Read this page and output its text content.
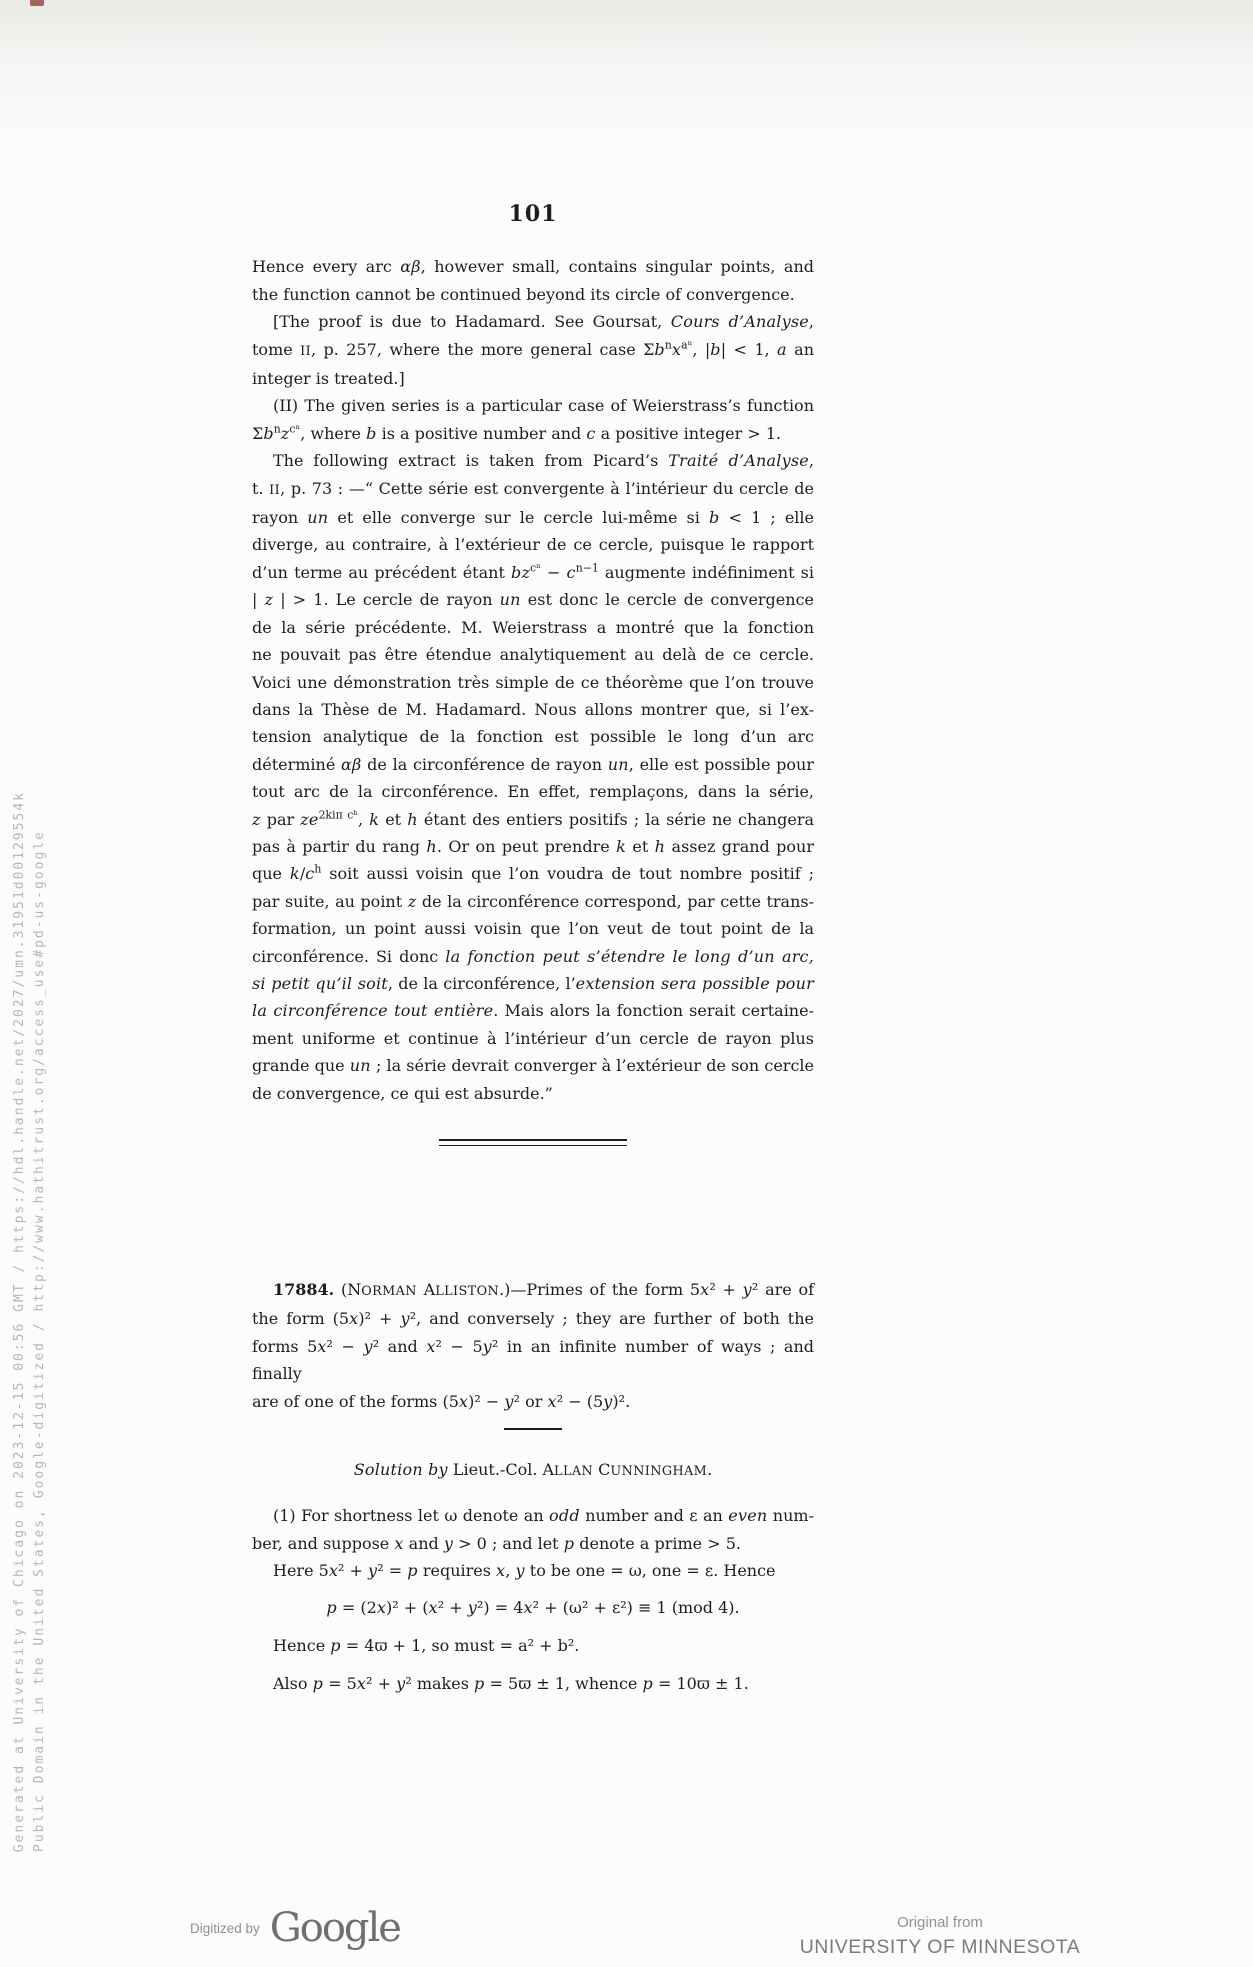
Generated at University of Chicago on 2023-12-15 00:56 GMT / https://hdl.handle.net/2027/umn.31951d00129554k Public Domain in the United States, Google-digitized / http://www.hathitrust.org/access_use#pd-us-google
101
Hence every arc αβ, however small, contains singular points, and
the function cannot be continued beyond its circle of convergence.
[The proof is due to Hadamard. See Goursat, Cours d’Analyse,
tome II, p. 257, where the more general case $\Sigma b^nx^{a^n}$, |b| < 1, a an
integer is treated.]
(II) The given series is a particular case of Weierstrass’s function
$\Sigma b^nz^{c^n}$, where b is a positive number and c a positive integer > 1.
The following extract is taken from Picard’s Traité d’Analyse,
t. II, p. 73 : —“ Cette série est convergente à l’intérieur du cercle de
rayon un et elle converge sur le cercle lui-même si b < 1 ; elle
diverge, au contraire, à l’extérieur de ce cercle, puisque le rapport
d’un terme au précédent étant $bz^{c^n} - c^{n-1}$ augmente indéfiniment si
| z | > 1. Le cercle de rayon un est donc le cercle de convergence
de la série précédente. M. Weierstrass a montré que la fonction
ne pouvait pas être étendue analytiquement au delà de ce cercle.
Voici une démonstration très simple de ce théorème que l’on trouve
dans la Thèse de M. Hadamard. Nous allons montrer que, si l’ex-
tension analytique de la fonction est possible le long d’un arc
déterminé αβ de la circonférence de rayon un, elle est possible pour
tout arc de la circonférence. En effet, remplaçons, dans la série,
z par $ze^{2ki\pi cʰ}$, k et h étant des entiers positifs ; la série ne changera
pas à partir du rang h. Or on peut prendre k et h assez grand pour
que $k/c^h$ soit aussi voisin que l’on voudra de tout nombre positif ;
par suite, au point z de la circonférence correspond, par cette trans-
formation, un point aussi voisin que l’on veut de tout point de la
circonférence. Si donc la fonction peut s’étendre le long d’un arc,
si petit qu’il soit, de la circonférence, l’extension sera possible pour
la circonférence tout entière. Mais alors la fonction serait certaine-
ment uniforme et continue à l’intérieur d’un cercle de rayon plus
grande que un ; la série devrait converger à l’extérieur de son cercle
de convergence, ce qui est absurde.”
17884. (NORMAN ALLISTON.)—Primes of the form 5x² + y² are of
the form (5x)² + y², and conversely ; they are further of both the
forms 5x² − y² and x² − 5y² in an infinite number of ways ; and finally
are of one of the forms (5x)² − y² or x² − (5y)².
Solution by Lieut.-Col. ALLAN CUNNINGHAM.
(1) For shortness let ω denote an odd number and ε an even num-
ber, and suppose x and y > 0 ; and let p denote a prime > 5.
Here 5x² + y² = p requires x, y to be one = ω, one = ε. Hence
p = (2x)² + (x² + y²) = 4x² + (ω² + ε²) ≡ 1 (mod 4).
Hence p = 4ϖ + 1, so must = a² + b².
Also p = 5x² + y² makes p = 5ϖ ± 1, whence p = 10ϖ ± 1.
Digitized by Google	Original from
UNIVERSITY OF MINNESOTA
